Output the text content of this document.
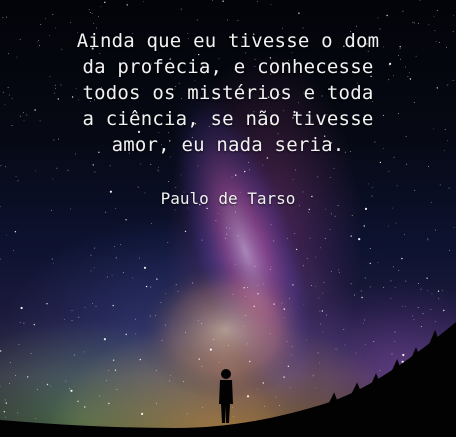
Ainda que eu tivesse o dom
da profecia, e conhecesse
todos os mistérios e toda
a ciência, se não tivesse
amor, eu nada seria.
Paulo de Tarso
